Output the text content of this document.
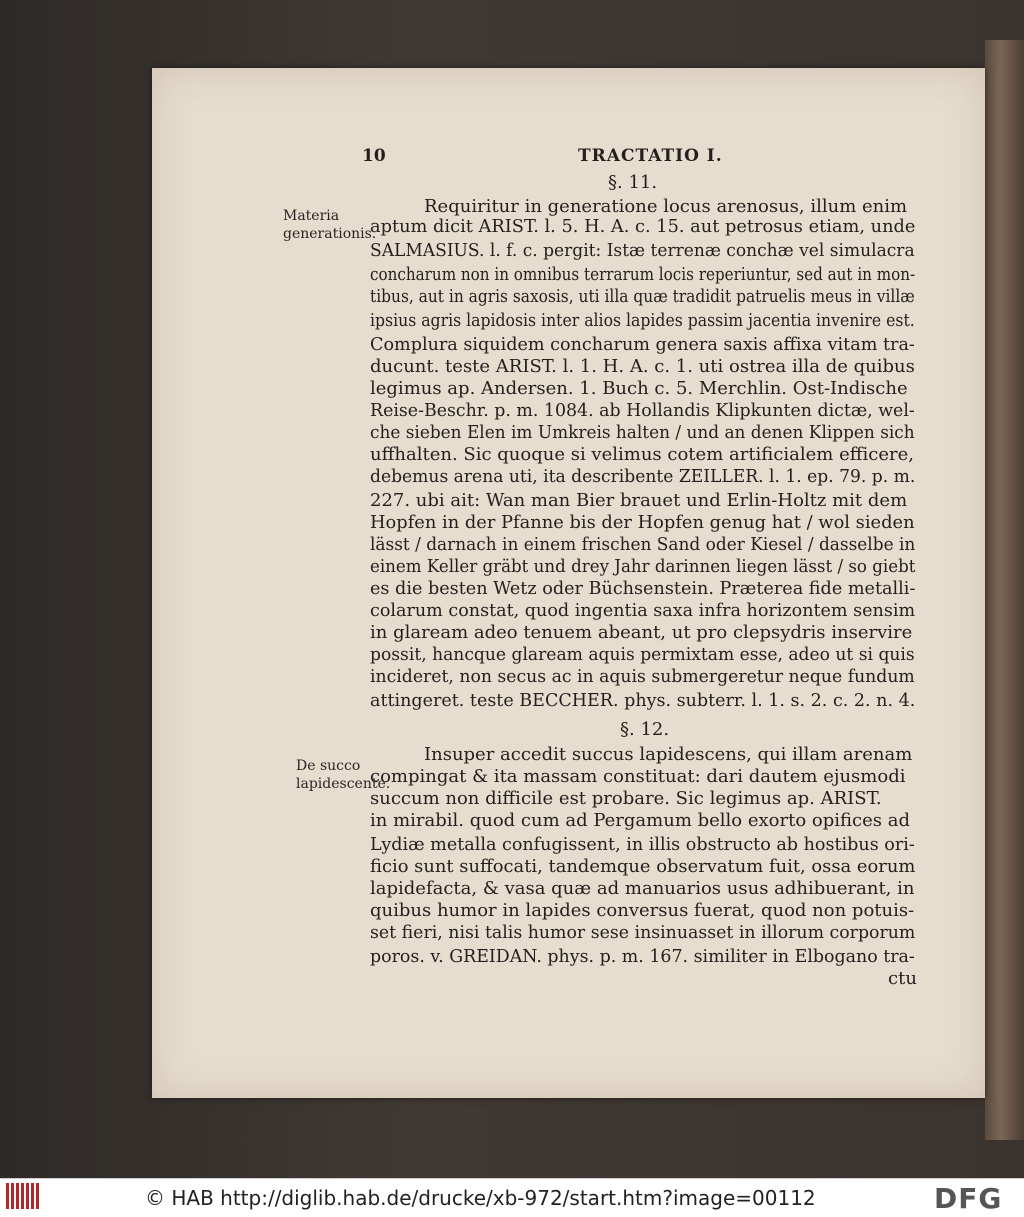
10	TRACTATIO I.
§. 11.
Materia generationis.
Requiritur in generatione locus arenosus, illum enim
aptum dicit ARIST. l. 5. H. A. c. 15. aut petrosus etiam, unde
SALMASIUS. l. f. c. pergit: Istæ terrenæ conchæ vel simulacra
concharum non in omnibus terrarum locis reperiuntur, sed aut in mon-
tibus, aut in agris saxosis, uti illa quæ tradidit patruelis meus in villæ
ipsius agris lapidosis inter alios lapides passim jacentia invenire est.
Complura siquidem concharum genera saxis affixa vitam tra-
ducunt. teste ARIST. l. 1. H. A. c. 1. uti ostrea illa de quibus
legimus ap. Andersen. 1. Buch c. 5. Merchlin. Ost-Indische
Reise-Beschr. p. m. 1084. ab Hollandis Klipkunten dictæ, wel-
che sieben Elen im Umkreis halten / und an denen Klippen sich
uffhalten. Sic quoque si velimus cotem artificialem efficere,
debemus arena uti, ita describente ZEILLER. l. 1. ep. 79. p. m.
227. ubi ait: Wan man Bier brauet und Erlin-Holtz mit dem
Hopfen in der Pfanne bis der Hopfen genug hat / wol sieden
lässt / darnach in einem frischen Sand oder Kiesel / dasselbe in
einem Keller gräbt und drey Jahr darinnen liegen lässt / so giebt
es die besten Wetz oder Büchsenstein. Præterea fide metalli-
colarum constat, quod ingentia saxa infra horizontem sensim
in glaream adeo tenuem abeant, ut pro clepsydris inservire
possit, hancque glaream aquis permixtam esse, adeo ut si quis
incideret, non secus ac in aquis submergeretur neque fundum
attingeret. teste BECCHER. phys. subterr. l. 1. s. 2. c. 2. n. 4.
Insuper accedit succus lapidescens, qui illam arenam
compingat & ita massam constituat: dari dautem ejusmodi
succum non difficile est probare. Sic legimus ap. ARIST.
in mirabil. quod cum ad Pergamum bello exorto opifices ad
Lydiæ metalla confugissent, in illis obstructo ab hostibus ori-
ficio sunt suffocati, tandemque observatum fuit, ossa eorum
lapidefacta, & vasa quæ ad manuarios usus adhibuerant, in
quibus humor in lapides conversus fuerat, quod non potuis-
set fieri, nisi talis humor sese insinuasset in illorum corporum
poros. v. GREIDAN. phys. p. m. 167. similiter in Elbogano tra-
ctu
§. 12.
De succo lapidescente.
© HAB http://diglib.hab.de/drucke/xb-972/start.htm?image=00112	DFG
